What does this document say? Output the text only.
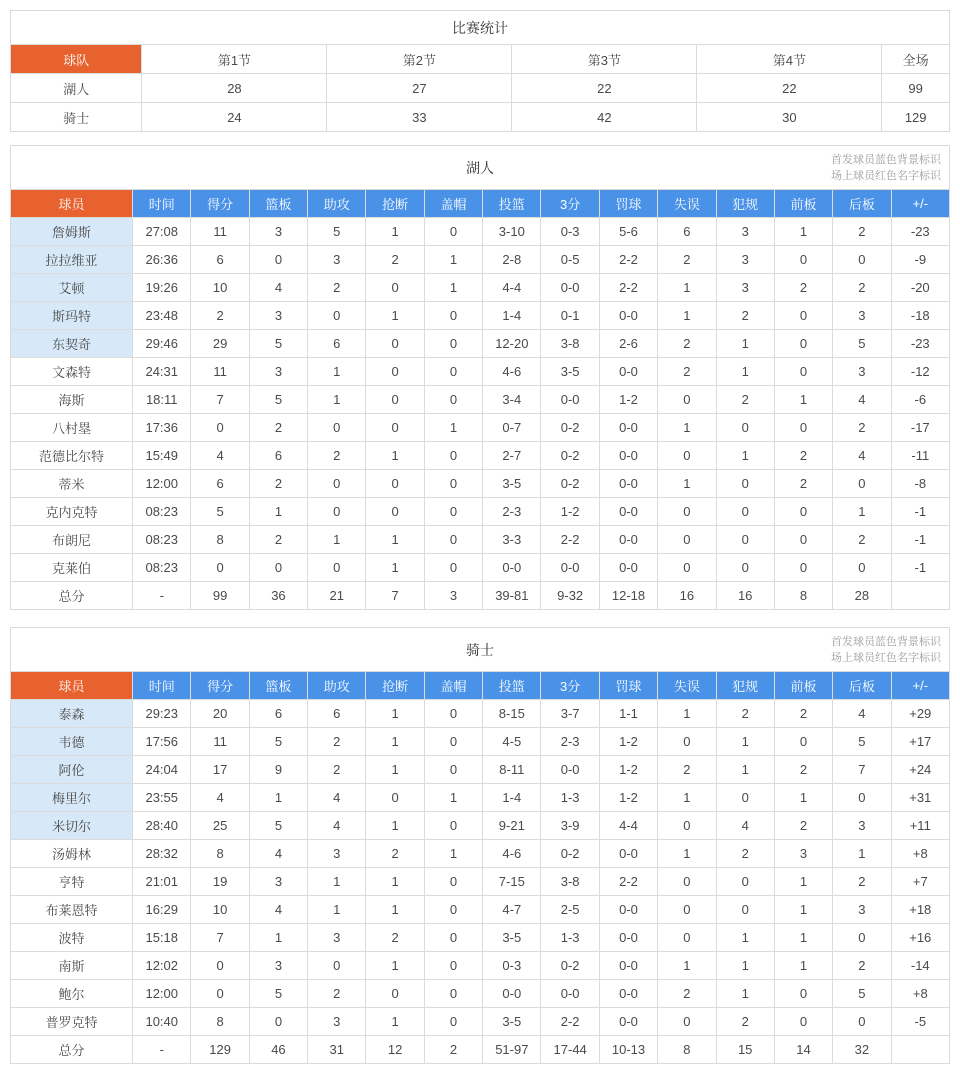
比赛统计
球队	第1节	第2节	第3节	第4节	全场
湖人	28	27	22	22	99
骑士	24	33	42	30	129
湖人	首发球员蓝色背景标识
场上球员红色名字标识
球员	时间	得分	篮板	助攻	抢断	盖帽	投篮	3分	罚球	失误	犯规	前板	后板	+/-
詹姆斯	27:08	11	3	5	1	0	3-10	0-3	5-6	6	3	1	2	-23
拉拉维亚	26:36	6	0	3	2	1	2-8	0-5	2-2	2	3	0	0	-9
艾顿	19:26	10	4	2	0	1	4-4	0-0	2-2	1	3	2	2	-20
斯玛特	23:48	2	3	0	1	0	1-4	0-1	0-0	1	2	0	3	-18
东契奇	29:46	29	5	6	0	0	12-20	3-8	2-6	2	1	0	5	-23
文森特	24:31	11	3	1	0	0	4-6	3-5	0-0	2	1	0	3	-12
海斯	18:11	7	5	1	0	0	3-4	0-0	1-2	0	2	1	4	-6
八村塁	17:36	0	2	0	0	1	0-7	0-2	0-0	1	0	0	2	-17
范德比尔特	15:49	4	6	2	1	0	2-7	0-2	0-0	0	1	2	4	-11
蒂米	12:00	6	2	0	0	0	3-5	0-2	0-0	1	0	2	0	-8
克内克特	08:23	5	1	0	0	0	2-3	1-2	0-0	0	0	0	1	-1
布朗尼	08:23	8	2	1	1	0	3-3	2-2	0-0	0	0	0	2	-1
克莱伯	08:23	0	0	0	1	0	0-0	0-0	0-0	0	0	0	0	-1
总分	-	99	36	21	7	3	39-81	9-32	12-18	16	16	8	28	
骑士	首发球员蓝色背景标识
场上球员红色名字标识
球员	时间	得分	篮板	助攻	抢断	盖帽	投篮	3分	罚球	失误	犯规	前板	后板	+/-
泰森	29:23	20	6	6	1	0	8-15	3-7	1-1	1	2	2	4	+29
韦德	17:56	11	5	2	1	0	4-5	2-3	1-2	0	1	0	5	+17
阿伦	24:04	17	9	2	1	0	8-11	0-0	1-2	2	1	2	7	+24
梅里尔	23:55	4	1	4	0	1	1-4	1-3	1-2	1	0	1	0	+31
米切尔	28:40	25	5	4	1	0	9-21	3-9	4-4	0	4	2	3	+11
汤姆林	28:32	8	4	3	2	1	4-6	0-2	0-0	1	2	3	1	+8
亨特	21:01	19	3	1	1	0	7-15	3-8	2-2	0	0	1	2	+7
布莱恩特	16:29	10	4	1	1	0	4-7	2-5	0-0	0	0	1	3	+18
波特	15:18	7	1	3	2	0	3-5	1-3	0-0	0	1	1	0	+16
南斯	12:02	0	3	0	1	0	0-3	0-2	0-0	1	1	1	2	-14
鲍尔	12:00	0	5	2	0	0	0-0	0-0	0-0	2	1	0	5	+8
普罗克特	10:40	8	0	3	1	0	3-5	2-2	0-0	0	2	0	0	-5
总分	-	129	46	31	12	2	51-97	17-44	10-13	8	15	14	32	
